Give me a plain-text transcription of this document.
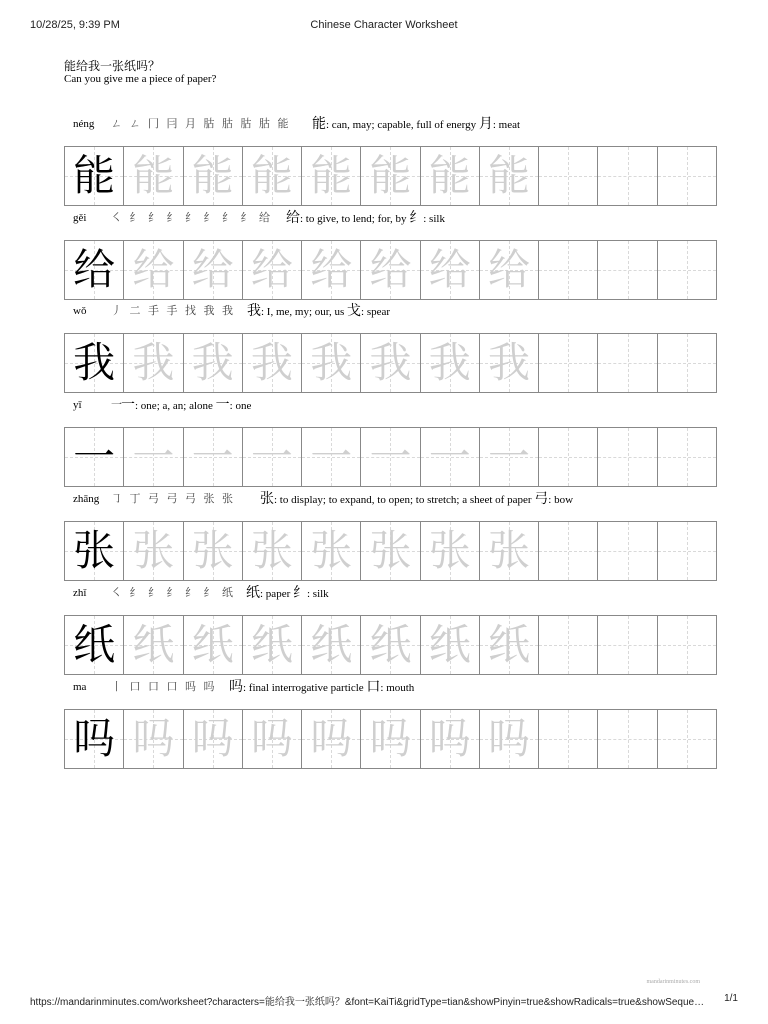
10/28/25, 9:39 PM	Chinese Character Worksheet
能给我一张纸吗？
Can you give me a piece of paper?
néng ㄥ ㄥ 冂 冃 月 𦙶 𦙶 𦙶 𦙶 能 能: can, may; capable, full of energy 月: meat
能 能 能 能 能 能 能 能
gěi ㇛ 纟 纟 纟 纟 纟 纟 纟 给 给: to give, to lend; for, by 纟: silk
给 给 给 给 给 给 给 给
wǒ 丿 二 手 手 找 我 我 我: I, me, my; our, us 戈: spear
我 我 我 我 我 我 我 我
yī	一
一: one; a, an; alone 一: one
一 一 一 一 一 一 一 一
zhāng ㇆ 丁 弓 弓 弓 张 张 张: to display; to expand, to open; to stretch; a sheet of paper 弓: bow
张 张 张 张 张 张 张 张
zhǐ ㇛ 纟 纟 纟 纟 纟 纸 纸: paper 纟: silk
纸 纸 纸 纸 纸 纸 纸 纸
ma 丨 口 口 口 吗 吗 吗: final interrogative particle 口: mouth
吗 吗 吗 吗 吗 吗 吗 吗
mandarinminutes.com
https://mandarinminutes.com/worksheet?characters=能给我一张纸吗？&font=KaiTi&gridType=tian&showPinyin=true&showRadicals=true&showSeque…	1/1
